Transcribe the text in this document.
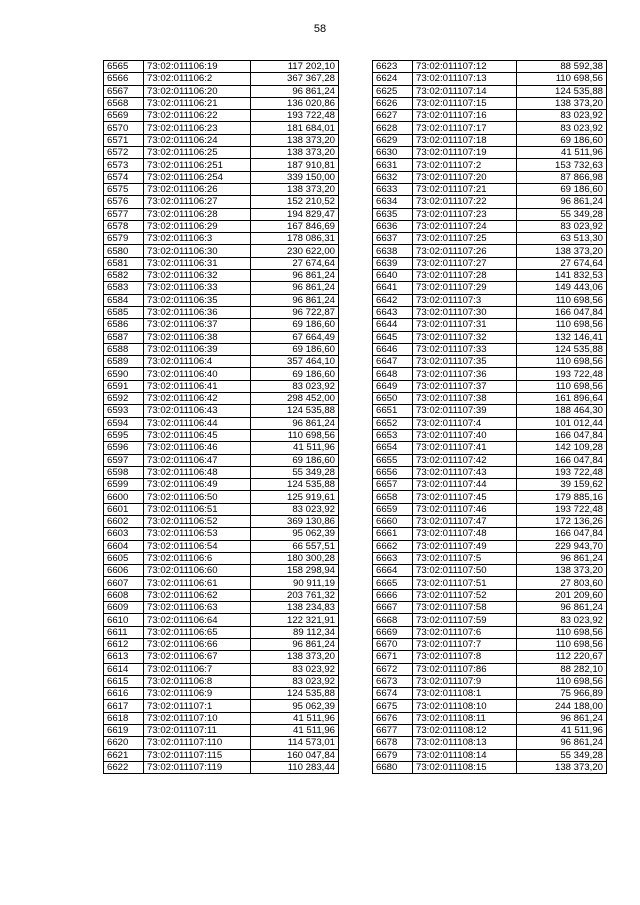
58
6565	73:02:011106:19	117 202,10
6566	73:02:011106:2	367 367,28
6567	73:02:011106:20	96 861,24
6568	73:02:011106:21	136 020,86
6569	73:02:011106:22	193 722,48
6570	73:02:011106:23	181 684,01
6571	73:02:011106:24	138 373,20
6572	73:02:011106:25	138 373,20
6573	73:02:011106:251	187 910,81
6574	73:02:011106:254	339 150,00
6575	73:02:011106:26	138 373,20
6576	73:02:011106:27	152 210,52
6577	73:02:011106:28	194 829,47
6578	73:02:011106:29	167 846,69
6579	73:02:011106:3	178 086,31
6580	73:02:011106:30	230 622,00
6581	73:02:011106:31	27 674,64
6582	73:02:011106:32	96 861,24
6583	73:02:011106:33	96 861,24
6584	73:02:011106:35	96 861,24
6585	73:02:011106:36	96 722,87
6586	73:02:011106:37	69 186,60
6587	73:02:011106:38	67 664,49
6588	73:02:011106:39	69 186,60
6589	73:02:011106:4	357 464,10
6590	73:02:011106:40	69 186,60
6591	73:02:011106:41	83 023,92
6592	73:02:011106:42	298 452,00
6593	73:02:011106:43	124 535,88
6594	73:02:011106:44	96 861,24
6595	73:02:011106:45	110 698,56
6596	73:02:011106:46	41 511,96
6597	73:02:011106:47	69 186,60
6598	73:02:011106:48	55 349,28
6599	73:02:011106:49	124 535,88
6600	73:02:011106:50	125 919,61
6601	73:02:011106:51	83 023,92
6602	73:02:011106:52	369 130,86
6603	73:02:011106:53	95 062,39
6604	73:02:011106:54	66 557,51
6605	73:02:011106:6	180 300,28
6606	73:02:011106:60	158 298,94
6607	73:02:011106:61	90 911,19
6608	73:02:011106:62	203 761,32
6609	73:02:011106:63	138 234,83
6610	73:02:011106:64	122 321,91
6611	73:02:011106:65	89 112,34
6612	73:02:011106:66	96 861,24
6613	73:02:011106:67	138 373,20
6614	73:02:011106:7	83 023,92
6615	73:02:011106:8	83 023,92
6616	73:02:011106:9	124 535,88
6617	73:02:011107:1	95 062,39
6618	73:02:011107:10	41 511,96
6619	73:02:011107:11	41 511,96
6620	73:02:011107:110	114 573,01
6621	73:02:011107:115	160 047,84
6622	73:02:011107:119	110 283,44
6623	73:02:011107:12	88 592,38
6624	73:02:011107:13	110 698,56
6625	73:02:011107:14	124 535,88
6626	73:02:011107:15	138 373,20
6627	73:02:011107:16	83 023,92
6628	73:02:011107:17	83 023,92
6629	73:02:011107:18	69 186,60
6630	73:02:011107:19	41 511,96
6631	73:02:011107:2	153 732,63
6632	73:02:011107:20	87 866,98
6633	73:02:011107:21	69 186,60
6634	73:02:011107:22	96 861,24
6635	73:02:011107:23	55 349,28
6636	73:02:011107:24	83 023,92
6637	73:02:011107:25	63 513,30
6638	73:02:011107:26	138 373,20
6639	73:02:011107:27	27 674,64
6640	73:02:011107:28	141 832,53
6641	73:02:011107:29	149 443,06
6642	73:02:011107:3	110 698,56
6643	73:02:011107:30	166 047,84
6644	73:02:011107:31	110 698,56
6645	73:02:011107:32	132 146,41
6646	73:02:011107:33	124 535,88
6647	73:02:011107:35	110 698,56
6648	73:02:011107:36	193 722,48
6649	73:02:011107:37	110 698,56
6650	73:02:011107:38	161 896,64
6651	73:02:011107:39	188 464,30
6652	73:02:011107:4	101 012,44
6653	73:02:011107:40	166 047,84
6654	73:02:011107:41	142 109,28
6655	73:02:011107:42	166 047,84
6656	73:02:011107:43	193 722,48
6657	73:02:011107:44	39 159,62
6658	73:02:011107:45	179 885,16
6659	73:02:011107:46	193 722,48
6660	73:02:011107:47	172 136,26
6661	73:02:011107:48	166 047,84
6662	73:02:011107:49	229 943,70
6663	73:02:011107:5	96 861,24
6664	73:02:011107:50	138 373,20
6665	73:02:011107:51	27 803,60
6666	73:02:011107:52	201 209,60
6667	73:02:011107:58	96 861,24
6668	73:02:011107:59	83 023,92
6669	73:02:011107:6	110 698,56
6670	73:02:011107:7	110 698,56
6671	73:02:011107:8	112 220,67
6672	73:02:011107:86	88 282,10
6673	73:02:011107:9	110 698,56
6674	73:02:011108:1	75 966,89
6675	73:02:011108:10	244 188,00
6676	73:02:011108:11	96 861,24
6677	73:02:011108:12	41 511,96
6678	73:02:011108:13	96 861,24
6679	73:02:011108:14	55 349,28
6680	73:02:011108:15	138 373,20
